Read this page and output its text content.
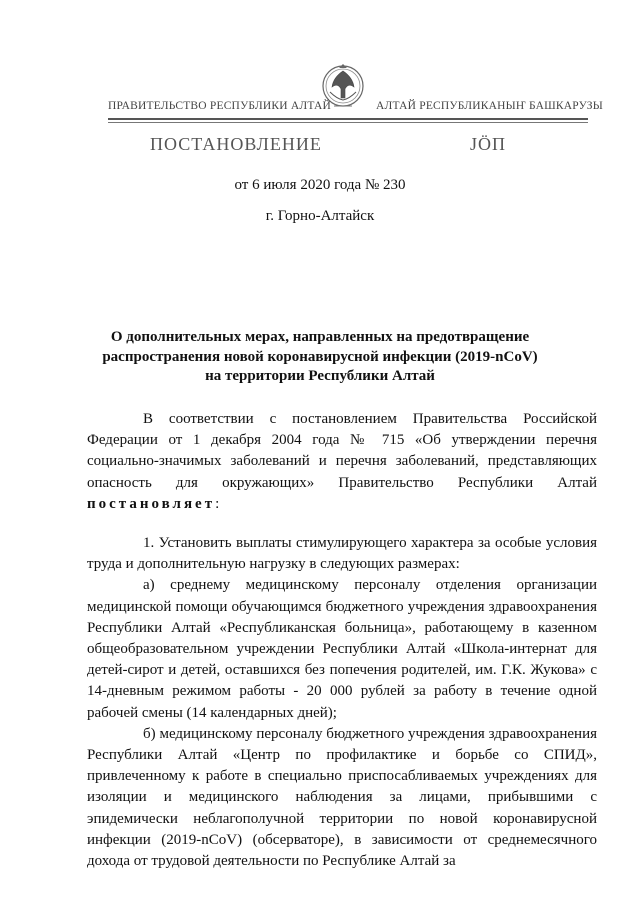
ПРАВИТЕЛЬСТВО РЕСПУБЛИКИ АЛТАЙ	АЛТАЙ РЕСПУБЛИКАНЫҤ БАШКАРУЗЫ
ПОСТАНОВЛЕНИЕ	ЈӦП
от 6 июля 2020 года № 230
г. Горно-Алтайск
О дополнительных мерах, направленных на предотвращение
распространения новой коронавирусной инфекции (2019-nCoV)
на территории Республики Алтай

В соответствии с постановлением Правительства Российской Федерации от 1 декабря 2004 года № 715 «Об утверждении перечня социально-значимых заболеваний и перечня заболеваний, представляющих опасность для окружающих» Правительство Республики Алтай постановляет:

1. Установить выплаты стимулирующего характера за особые условия труда и дополнительную нагрузку в следующих размерах:

а) среднему медицинскому персоналу отделения организации медицинской помощи обучающимся бюджетного учреждения здравоохранения Республики Алтай «Республиканская больница», работающему в казенном общеобразовательном учреждении Республики Алтай «Школа-интернат для детей-сирот и детей, оставшихся без попечения родителей, им. Г.К. Жукова» с 14-дневным режимом работы - 20 000 рублей за работу в течение одной рабочей смены (14 календарных дней);

б) медицинскому персоналу бюджетного учреждения здравоохранения Республики Алтай «Центр по профилактике и борьбе со СПИД», привлеченному к работе в специально приспосабливаемых учреждениях для изоляции и медицинского наблюдения за лицами, прибывшими с эпидемически неблагополучной территории по новой коронавирусной инфекции (2019-nCoV) (обсерваторе), в зависимости от среднемесячного дохода от трудовой деятельности по Республике Алтай за
